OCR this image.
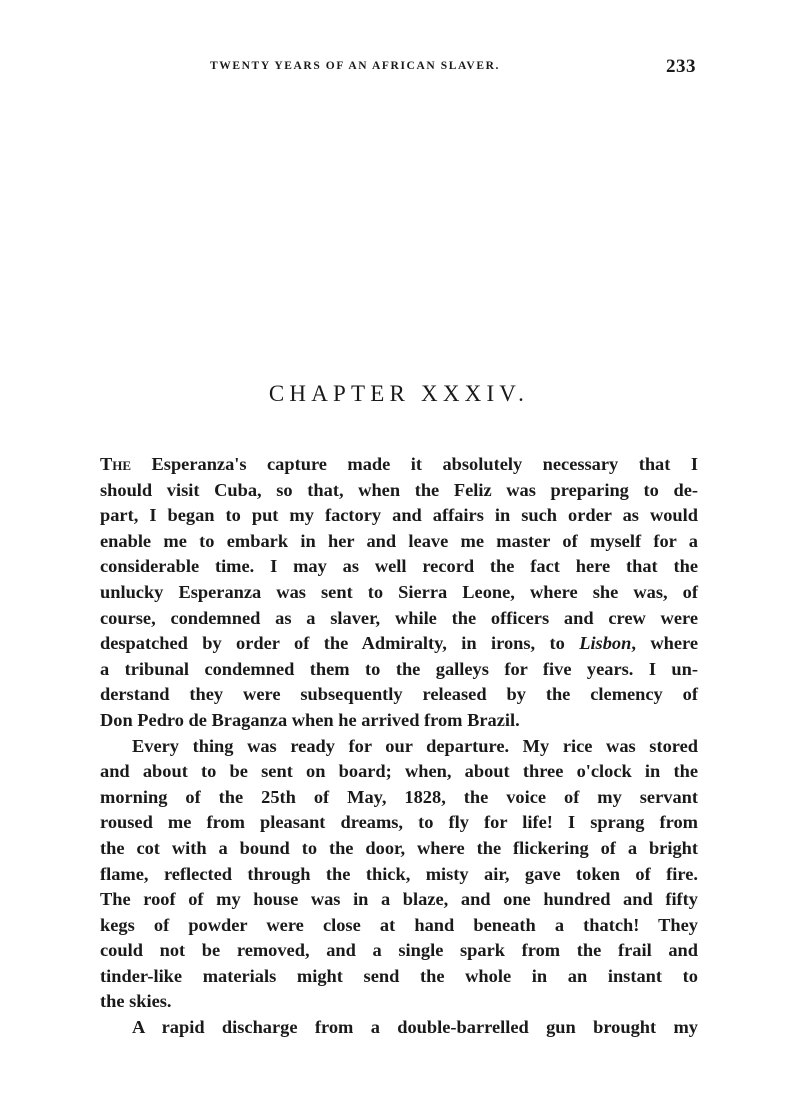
TWENTY YEARS OF AN AFRICAN SLAVER.	233
CHAPTER XXXIV.
The Esperanza's capture made it absolutely necessary that I
should visit Cuba, so that, when the Feliz was preparing to de-
part, I began to put my factory and affairs in such order as would
enable me to embark in her and leave me master of myself for a
considerable time. I may as well record the fact here that the
unlucky Esperanza was sent to Sierra Leone, where she was, of
course, condemned as a slaver, while the officers and crew were
despatched by order of the Admiralty, in irons, to Lisbon, where
a tribunal condemned them to the galleys for five years. I un-
derstand they were subsequently released by the clemency of
Don Pedro de Braganza when he arrived from Brazil.
Every thing was ready for our departure. My rice was stored
and about to be sent on board; when, about three o'clock in the
morning of the 25th of May, 1828, the voice of my servant
roused me from pleasant dreams, to fly for life! I sprang from
the cot with a bound to the door, where the flickering of a bright
flame, reflected through the thick, misty air, gave token of fire.
The roof of my house was in a blaze, and one hundred and fifty
kegs of powder were close at hand beneath a thatch! They
could not be removed, and a single spark from the frail and
tinder-like materials might send the whole in an instant to
the skies.
A rapid discharge from a double-barrelled gun brought my
